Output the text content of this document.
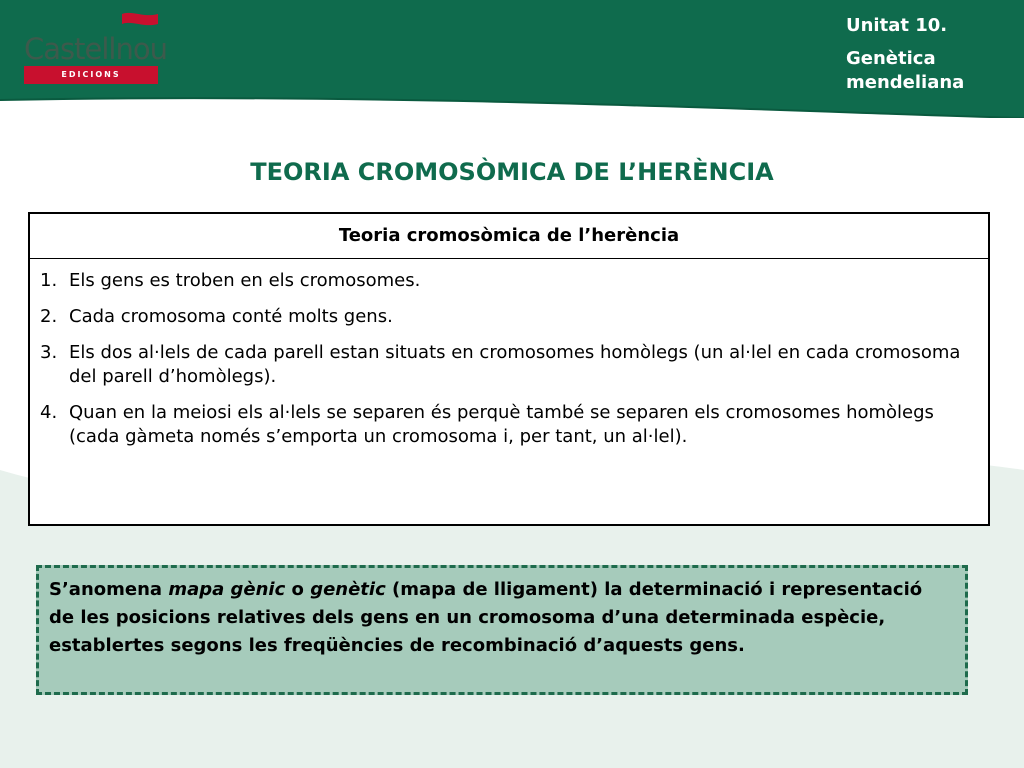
Castellnou
EDICIONS
Unitat 10.
Genètica mendeliana
TEORIA CROMOSÒMICA DE L’HERÈNCIA
Teoria cromosòmica de l’herència
1. Els gens es troben en els cromosomes.
2. Cada cromosoma conté molts gens.
3. Els dos al·lels de cada parell estan situats en cromosomes homòlegs (un al·lel en cada cromosoma del parell d’homòlegs).
4. Quan en la meiosi els al·lels se separen és perquè també se separen els cromosomes homòlegs (cada gàmeta només s’emporta un cromosoma i, per tant, un al·lel).
S’anomena mapa gènic o genètic (mapa de lligament) la determinació i representació de les posicions relatives dels gens en un cromosoma d’una determinada espècie, establertes segons les freqüències de recombinació d’aquests gens.
